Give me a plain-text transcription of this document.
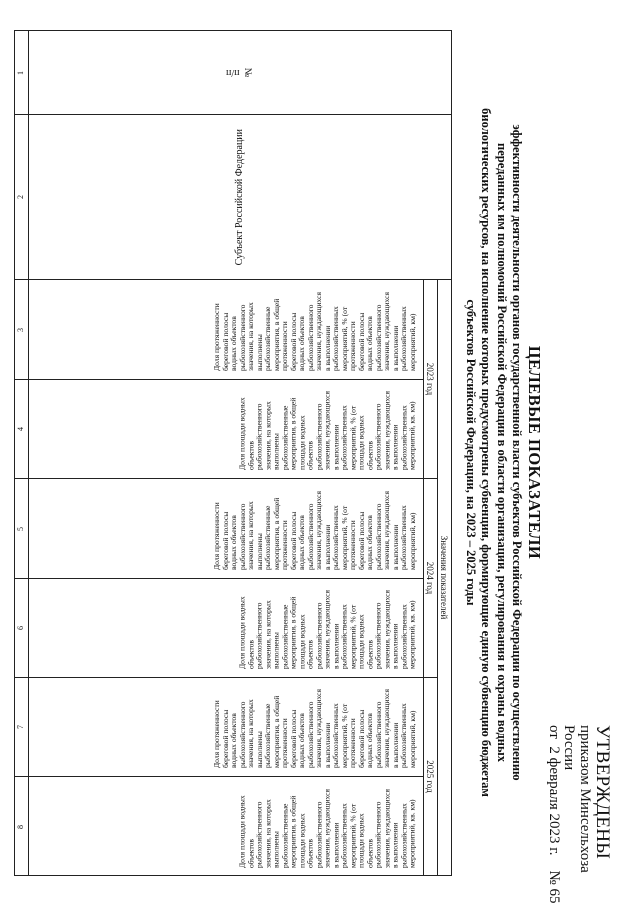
УТВЕРЖДЕНЫ
приказом Минсельхоза России
от  2 февраля 2023 г.    № 65
ЦЕЛЕВЫЕ ПОКАЗАТЕЛИ
эффективности деятельности органов государственной власти субъектов Российской Федерации по осуществлению переданных им полномочий Российской Федерации в области организации, регулирования и охраны водных биологических ресурсов, на исполнение которых предусмотрены субвенции, формирующие единую субвенцию бюджетам субъектов Российской Федерации, на 2023 – 2025 годы
№ п/п
Субъект Российской Федерации
Значения показателей
2023 год
2024 год
2025 год
Доля протяженности береговой полосы водных объектов рыбохозяйственного значения, на которых выполнены рыбохозяйственные мероприятия, в общей протяженности береговой полосы водных объектов рыбохозяйственного значения, нуждающихся в выполнении рыбохозяйственных мероприятий, % (от протяженности береговой полосы водных объектов рыбохозяйственного значения, нуждающихся в выполнении рыбохозяйственных мероприятий, км)
Доля площади водных объектов рыбохозяйственного значения, на которых выполнены рыбохозяйственные мероприятия, в общей площади водных объектов рыбохозяйственного значения, нуждающихся в выполнении рыбохозяйственных мероприятий, % (от площади водных объектов рыбохозяйственного значения, нуждающихся в выполнении рыбохозяйственных мероприятий, кв. км)
Доля протяженности береговой полосы водных объектов рыбохозяйственного значения, на которых выполнены рыбохозяйственные мероприятия, в общей протяженности береговой полосы водных объектов рыбохозяйственного значения, нуждающихся в выполнении рыбохозяйственных мероприятий, % (от протяженности береговой полосы водных объектов рыбохозяйственного значения, нуждающихся в выполнении рыбохозяйственных мероприятий, км)
Доля площади водных объектов рыбохозяйственного значения, на которых выполнены рыбохозяйственные мероприятия, в общей площади водных объектов рыбохозяйственного значения, нуждающихся в выполнении рыбохозяйственных мероприятий, % (от площади водных объектов рыбохозяйственного значения, нуждающихся в выполнении рыбохозяйственных мероприятий, кв. км)
Доля протяженности береговой полосы водных объектов рыбохозяйственного значения, на которых выполнены рыбохозяйственные мероприятия, в общей протяженности береговой полосы водных объектов рыбохозяйственного значения, нуждающихся в выполнении рыбохозяйственных мероприятий, % (от протяженности береговой полосы водных объектов рыбохозяйственного значения, нуждающихся в выполнении рыбохозяйственных мероприятий, км)
Доля площади водных объектов рыбохозяйственного значения, на которых выполнены рыбохозяйственные мероприятия, в общей площади водных объектов рыбохозяйственного значения, нуждающихся в выполнении рыбохозяйственных мероприятий, % (от площади водных объектов рыбохозяйственного значения, нуждающихся в выполнении рыбохозяйственных мероприятий, кв. км)
1
2
3
4
5
6
7
8
